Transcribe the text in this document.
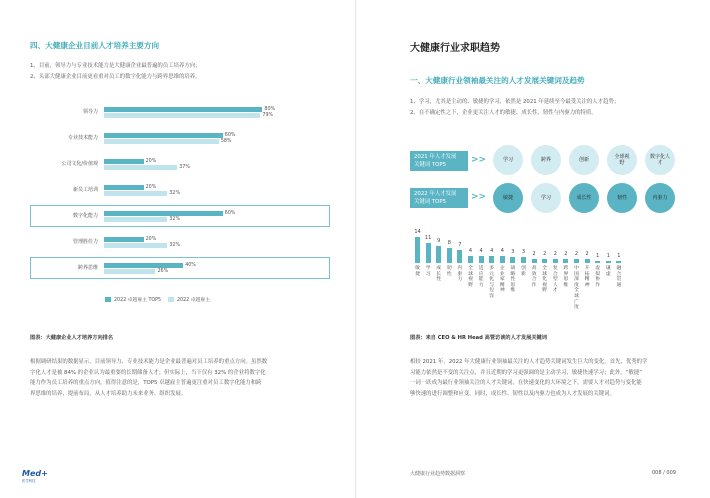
四、大健康企业目前人才培养主要方向
1、目前，领导力与专业技术能力是大健康企业最普遍的员工培养方向；
2、头部大健康企业目前更看重对员工的数字化能力与跨界思维的培养。
领导力	80%
79%
专业技术能力	60%
58%
公司文化/价值观	20%
37%
新员工培训	20%
32%
数字化能力	60%
32%
管理胜任力	20%
32%
跨界思维	40%
26%
2022 卓越雇主 TOP5	2022 卓越雇主
图表：大健康企业人才培养方向排名
根据调研结果的数据显示，目前领导力、专业技术能力是企业最普遍对员工培养的重点方向。虽然数
字化人才是被 84% 的企业认为最重要的长期储备人才；但实际上，当下仅有 32% 的企业将数字化
能力作为员工培养的重点方向。值得注意的是，TOP5 卓越雇主普遍更注重对员工数字化能力和跨
界思维的培养，提前布局，从人才培养助力未来业务、组织发展。
Med+
医学科技
大健康行业求职趋势
一、大健康行业领袖最关注的人才发展关键词及趋势
1、学习，尤其是主动的、敏捷的学习，依然是 2021 年延续至今最受关注的人才趋势；
2、在不确定性之下，企业更关注人才的敏捷、成长性、韧性与内驱力的特质。
2021 年人才发展
关键词 TOP5	>>
2022 年人才发展
关键词 TOP5	>>
学习	跨界	创新
全球视野
数字化人才
敏捷	学习	成长性	韧性	内驱力
14
敏捷
11
学习
9
成长性
8
韧性
7
内驱力
4
全球视野
4
适应能力
4
多元化与包容
4
企业家精神
3
战略性思维
3
创新
2
高效合作
2
全球化视野
2
复合型人才
2
跨界思维
2
中国深度全球广度
2
开拓精神
1
虚拟协作
1
谦虚
1
融合贯通
图表：来自 CEO & HR Head 高管访谈的人才发展关键词
相较 2021 年，2022 年大健康行业领袖最关注的人才趋势关键词发生巨大的变化。首先，优秀的学
习能力依然是不变的关注点，并且近期的学习更强调的是主动学习、敏捷快速学习；此外，“敏捷”
一词一跃成为最行业领袖关注的人才关键词，在快速变化的大环境之下，需要人才对趋势与变化能
够快速的进行调整和应变。同时，成长性、韧性以及内驱力也成为人才发展的关键词。
大健康行业趋势数据洞察	008 / 009
